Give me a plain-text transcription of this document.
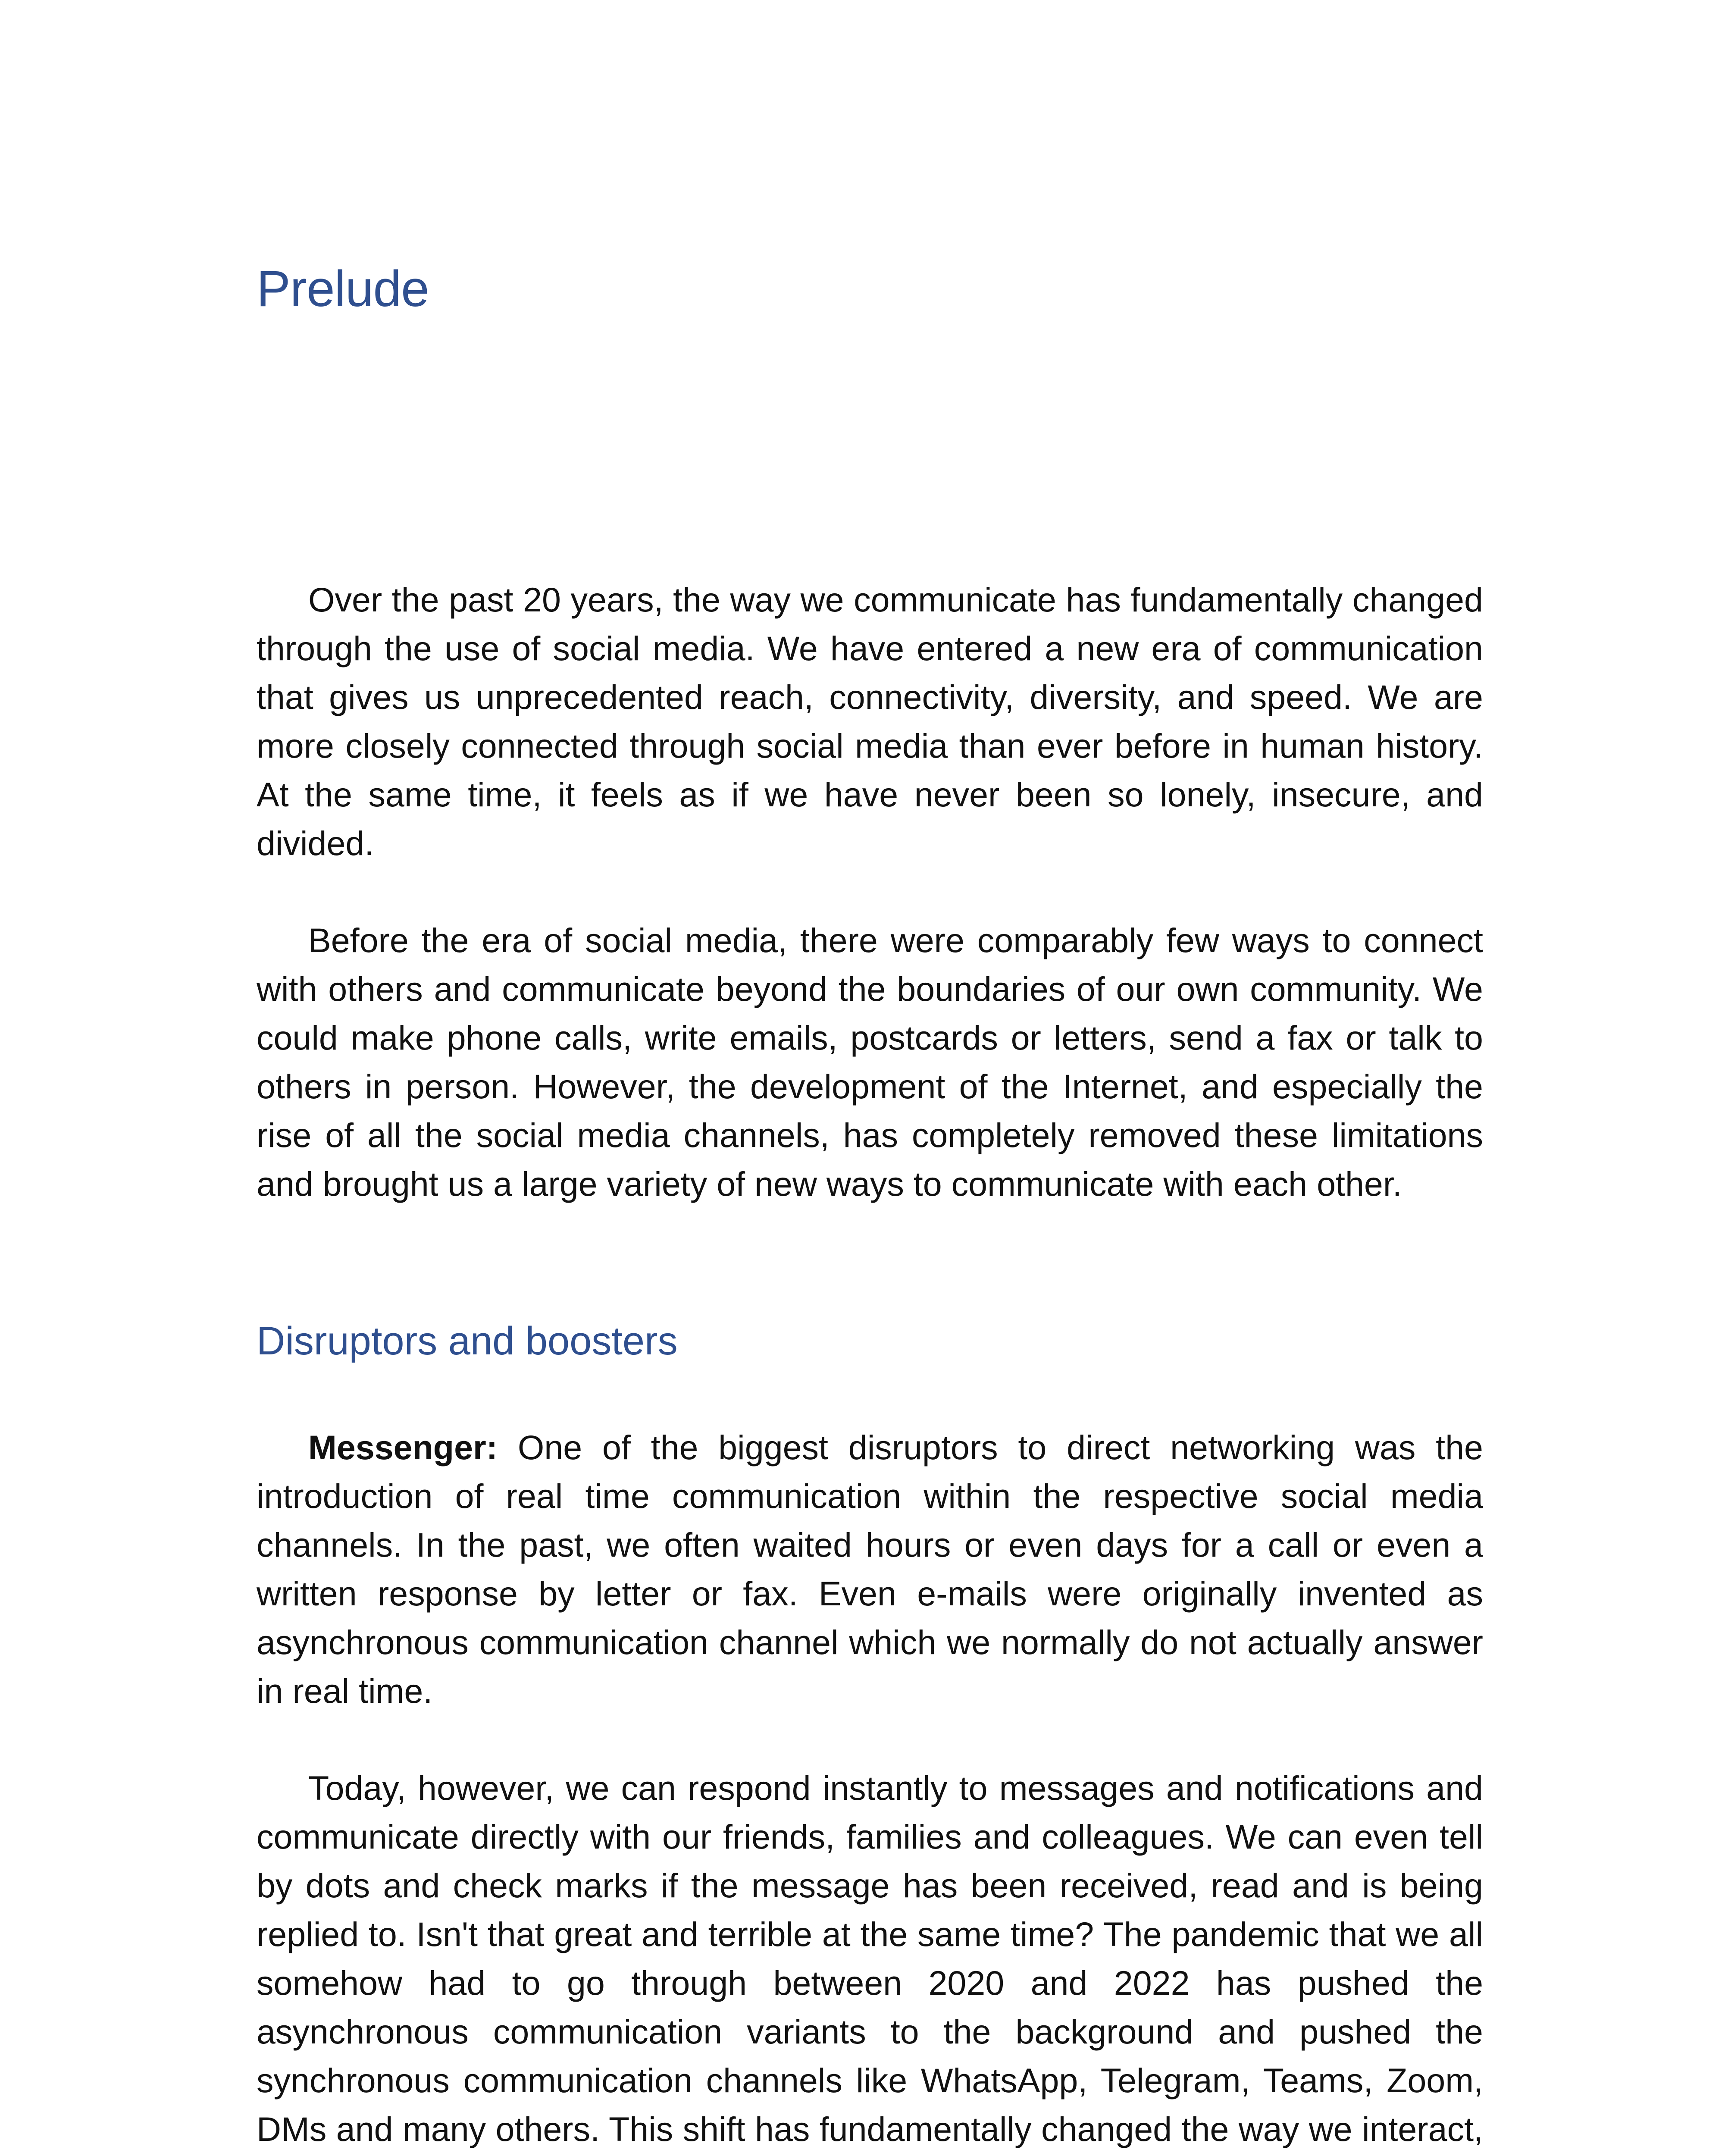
Prelude

Over the past 20 years, the way we communicate has fundamentally changed through the use of social media. We have entered a new era of communication that gives us unprecedented reach, connectivity, diversity, and speed. We are more closely connected through social media than ever before in human history. At the same time, it feels as if we have never been so lonely, insecure, and divided.

Before the era of social media, there were comparably few ways to connect with others and communicate beyond the boundaries of our own community. We could make phone calls, write emails, postcards or letters, send a fax or talk to others in person. However, the development of the Internet, and especially the rise of all the social media channels, has completely removed these limitations and brought us a large variety of new ways to communicate with each other.

Disruptors and boosters

Messenger: One of the biggest disruptors to direct networking was the introduction of real time communication within the respective social media channels. In the past, we often waited hours or even days for a call or even a written response by letter or fax. Even e-mails were originally invented as asynchronous communication channel which we normally do not actually answer in real time.

Today, however, we can respond instantly to messages and notifications and communicate directly with our friends, families and colleagues. We can even tell by dots and check marks if the message has been received, read and is being replied to. Isn't that great and terrible at the same time? The pandemic that we all somehow had to go through between 2020 and 2022 has pushed the asynchronous communication variants to the background and pushed the synchronous communication channels like WhatsApp, Telegram, Teams, Zoom, DMs and many others. This shift has fundamentally changed the way we interact,
